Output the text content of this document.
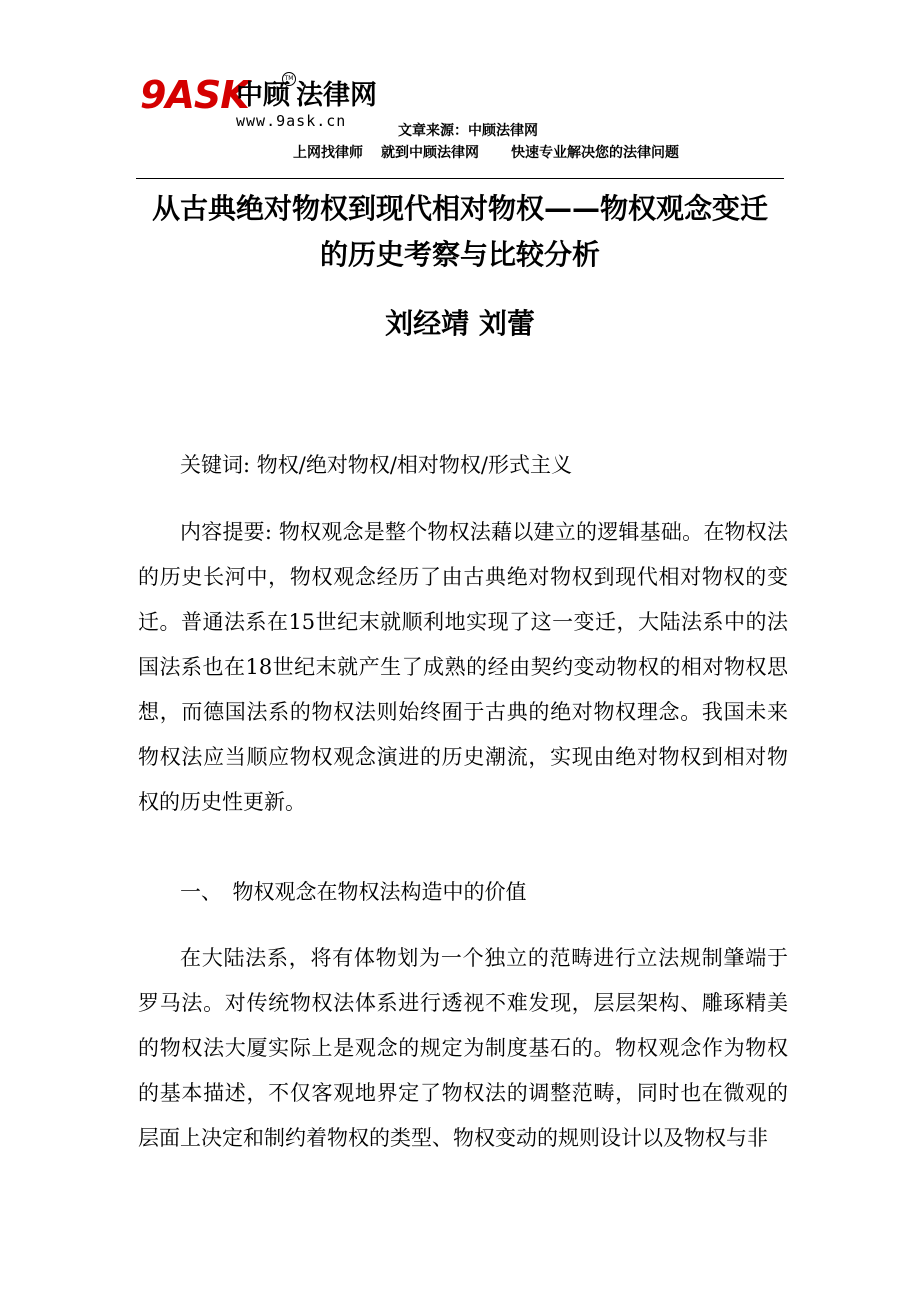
9ASK
中顾 法律网
TM
www.9ask.cn
文章来源：中顾法律网
上网找律师 就到中顾法律网 快速专业解决您的法律问题
从古典绝对物权到现代相对物权——物权观念变迁
的历史考察与比较分析
刘经靖 刘蕾

关键词: 物权/绝对物权/相对物权/形式主义

内容提要: 物权观念是整个物权法藉以建立的逻辑基础。在物权法的历史长河中，物权观念经历了由古典绝对物权到现代相对物权的变迁。普通法系在15世纪末就顺利地实现了这一变迁，大陆法系中的法国法系也在18世纪末就产生了成熟的经由契约变动物权的相对物权思想，而德国法系的物权法则始终囿于古典的绝对物权理念。我国未来物权法应当顺应物权观念演进的历史潮流，实现由绝对物权到相对物权的历史性更新。

一、　物权观念在物权法构造中的价值

在大陆法系，将有体物划为一个独立的范畴进行立法规制肇端于罗马法。对传统物权法体系进行透视不难发现，层层架构、雕琢精美的物权法大厦实际上是观念的规定为制度基石的。物权观念作为物权的基本描述，不仅客观地界定了物权法的调整范畴，同时也在微观的层面上决定和制约着物权的类型、物权变动的规则设计以及物权与非
